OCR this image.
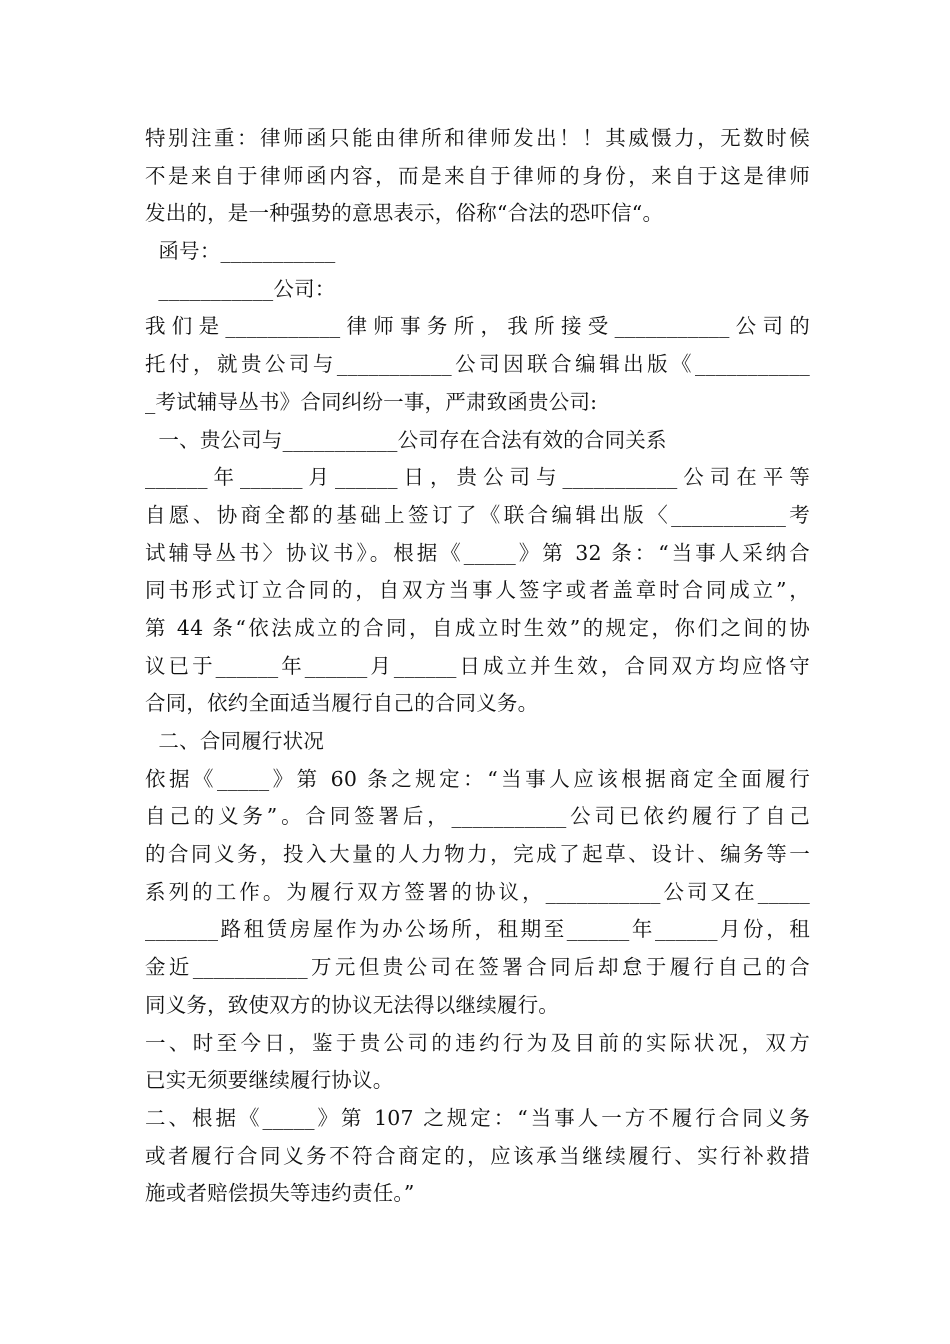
特别注重：律师函只能由律所和律师发出！！其威慑力，无数时候
不是来自于律师函内容，而是来自于律师的身份，来自于这是律师
发出的，是一种强势的意思表示，俗称“合法的恐吓信“。
函号：___________
___________公司：
我们是___________律师事务所，我所接受___________公司的
托付，就贵公司与___________公司因联合编辑出版《___________
_考试辅导丛书》合同纠纷一事，严肃致函贵公司:
一、贵公司与___________公司存在合法有效的合同关系
______年______月______日，贵公司与___________公司在平等
自愿、协商全都的基础上签订了《联合编辑出版〈___________考
试辅导丛书〉协议书》。根据《_____》第 32 条：“当事人采纳合
同书形式订立合同的，自双方当事人签字或者盖章时合同成立”，
第 44 条“依法成立的合同，自成立时生效”的规定，你们之间的协
议已于______年______月______日成立并生效，合同双方均应恪守
合同，依约全面适当履行自己的合同义务。
二、合同履行状况
依据《_____》第 60 条之规定：“当事人应该根据商定全面履行
自己的义务”。合同签署后，___________公司已依约履行了自己
的合同义务，投入大量的人力物力，完成了起草、设计、编务等一
系列的工作。为履行双方签署的协议，___________公司又在_____
_______路租赁房屋作为办公场所，租期至______年______月份，租
金近___________万元但贵公司在签署合同后却怠于履行自己的合
同义务，致使双方的协议无法得以继续履行。
一、时至今日，鉴于贵公司的违约行为及目前的实际状况，双方
已实无须要继续履行协议。
二、根据《_____》第 107 之规定：“当事人一方不履行合同义务
或者履行合同义务不符合商定的，应该承当继续履行、实行补救措
施或者赔偿损失等违约责任。”
